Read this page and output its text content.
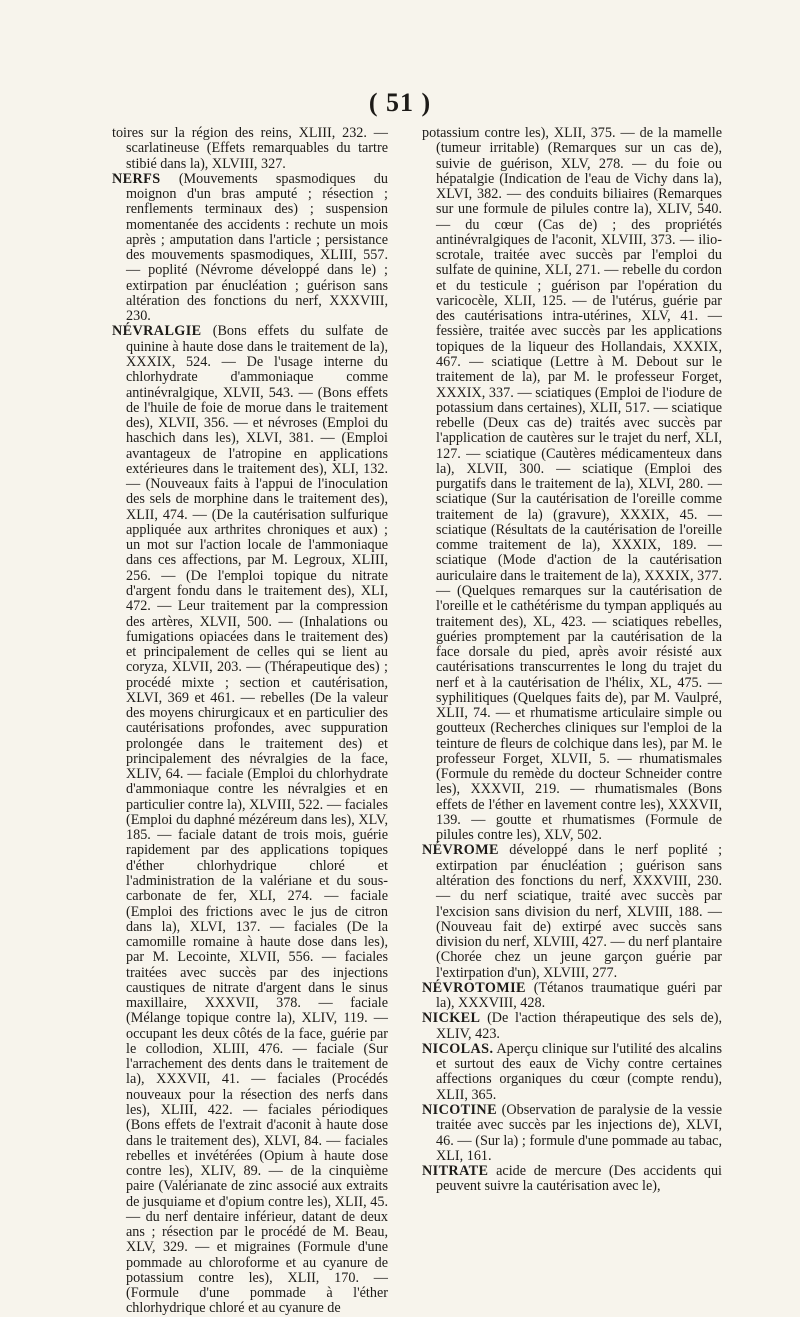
( 51 )

toires sur la région des reins, XLIII, 232. — scarlatineuse (Effets remarquables du tartre stibié dans la), XLVIII, 327.

NERFS (Mouvements spasmodiques du moignon d'un bras amputé ; résection ; renflements terminaux des) ; suspension momentanée des accidents : rechute un mois après ; amputation dans l'article ; persistance des mouvements spasmodiques, XLIII, 557. — poplité (Névrome développé dans le) ; extirpation par énucléation ; guérison sans altération des fonctions du nerf, XXXVIII, 230.

NÉVRALGIE (Bons effets du sulfate de quinine à haute dose dans le traitement de la), XXXIX, 524. — De l'usage interne du chlorhydrate d'ammoniaque comme antinévralgique, XLVII, 543. — (Bons effets de l'huile de foie de morue dans le traitement des), XLVII, 356. — et névroses (Emploi du haschich dans les), XLVI, 381. — (Emploi avantageux de l'atropine en applications extérieures dans le traitement des), XLI, 132. — (Nouveaux faits à l'appui de l'inoculation des sels de morphine dans le traitement des), XLII, 474. — (De la cautérisation sulfurique appliquée aux arthrites chroniques et aux) ; un mot sur l'action locale de l'ammoniaque dans ces affections, par M. Legroux, XLIII, 256. — (De l'emploi topique du nitrate d'argent fondu dans le traitement des), XLI, 472. — Leur traitement par la compression des artères, XLVII, 500. — (Inhalations ou fumigations opiacées dans le traitement des) et principalement de celles qui se lient au coryza, XLVII, 203. — (Thérapeutique des) ; procédé mixte ; section et cautérisation, XLVI, 369 et 461. — rebelles (De la valeur des moyens chirurgicaux et en particulier des cautérisations profondes, avec suppuration prolongée dans le traitement des) et principalement des névralgies de la face, XLIV, 64. — faciale (Emploi du chlorhydrate d'ammoniaque contre les névralgies et en particulier contre la), XLVIII, 522. — faciales (Emploi du daphné mézéreum dans les), XLV, 185. — faciale datant de trois mois, guérie rapidement par des applications topiques d'éther chlorhydrique chloré et l'administration de la valériane et du sous-carbonate de fer, XLI, 274. — faciale (Emploi des frictions avec le jus de citron dans la), XLVI, 137. — faciales (De la camomille romaine à haute dose dans les), par M. Lecointe, XLVII, 556. — faciales traitées avec succès par des injections caustiques de nitrate d'argent dans le sinus maxillaire, XXXVII, 378. — faciale (Mélange topique contre la), XLIV, 119. — occupant les deux côtés de la face, guérie par le collodion, XLIII, 476. — faciale (Sur l'arrachement des dents dans le traitement de la), XXXVII, 41. — faciales (Procédés nouveaux pour la résection des nerfs dans les), XLIII, 422. — faciales périodiques (Bons effets de l'extrait d'aconit à haute dose dans le traitement des), XLVI, 84. — faciales rebelles et invétérées (Opium à haute dose contre les), XLIV, 89. — de la cinquième paire (Valérianate de zinc associé aux extraits de jusquiame et d'opium contre les), XLII, 45. — du nerf dentaire inférieur, datant de deux ans ; résection par le procédé de M. Beau, XLV, 329. — et migraines (Formule d'une pommade au chloroforme et au cyanure de potassium contre les), XLII, 170. — (Formule d'une pommade à l'éther chlorhydrique chloré et au cyanure de

potassium contre les), XLII, 375. — de la mamelle (tumeur irritable) (Remarques sur un cas de), suivie de guérison, XLV, 278. — du foie ou hépatalgie (Indication de l'eau de Vichy dans la), XLVI, 382. — des conduits biliaires (Remarques sur une formule de pilules contre la), XLIV, 540. — du cœur (Cas de) ; des propriétés antinévralgiques de l'aconit, XLVIII, 373. — ilio-scrotale, traitée avec succès par l'emploi du sulfate de quinine, XLI, 271. — rebelle du cordon et du testicule ; guérison par l'opération du varicocèle, XLII, 125. — de l'utérus, guérie par des cautérisations intra-utérines, XLV, 41. — fessière, traitée avec succès par les applications topiques de la liqueur des Hollandais, XXXIX, 467. — sciatique (Lettre à M. Debout sur le traitement de la), par M. le professeur Forget, XXXIX, 337. — sciatiques (Emploi de l'iodure de potassium dans certaines), XLII, 517. — sciatique rebelle (Deux cas de) traités avec succès par l'application de cautères sur le trajet du nerf, XLI, 127. — sciatique (Cautères médicamenteux dans la), XLVII, 300. — sciatique (Emploi des purgatifs dans le traitement de la), XLVI, 280. — sciatique (Sur la cautérisation de l'oreille comme traitement de la) (gravure), XXXIX, 45. — sciatique (Résultats de la cautérisation de l'oreille comme traitement de la), XXXIX, 189. — sciatique (Mode d'action de la cautérisation auriculaire dans le traitement de la), XXXIX, 377. — (Quelques remarques sur la cautérisation de l'oreille et le cathétérisme du tympan appliqués au traitement des), XL, 423. — sciatiques rebelles, guéries promptement par la cautérisation de la face dorsale du pied, après avoir résisté aux cautérisations transcurrentes le long du trajet du nerf et à la cautérisation de l'hélix, XL, 475. — syphilitiques (Quelques faits de), par M. Vaulpré, XLII, 74. — et rhumatisme articulaire simple ou goutteux (Recherches cliniques sur l'emploi de la teinture de fleurs de colchique dans les), par M. le professeur Forget, XLVII, 5. — rhumatismales (Formule du remède du docteur Schneider contre les), XXXVII, 219. — rhumatismales (Bons effets de l'éther en lavement contre les), XXXVII, 139. — goutte et rhumatismes (Formule de pilules contre les), XLV, 502.

NÉVROME développé dans le nerf poplité ; extirpation par énucléation ; guérison sans altération des fonctions du nerf, XXXVIII, 230. — du nerf sciatique, traité avec succès par l'excision sans division du nerf, XLVIII, 188. — (Nouveau fait de) extirpé avec succès sans division du nerf, XLVIII, 427. — du nerf plantaire (Chorée chez un jeune garçon guérie par l'extirpation d'un), XLVIII, 277.

NÉVROTOMIE (Tétanos traumatique guéri par la), XXXVIII, 428.

NICKEL (De l'action thérapeutique des sels de), XLIV, 423.

NICOLAS. Aperçu clinique sur l'utilité des alcalins et surtout des eaux de Vichy contre certaines affections organiques du cœur (compte rendu), XLII, 365.

NICOTINE (Observation de paralysie de la vessie traitée avec succès par les injections de), XLVI, 46. — (Sur la) ; formule d'une pommade au tabac, XLI, 161.

NITRATE acide de mercure (Des accidents qui peuvent suivre la cautérisation avec le),
